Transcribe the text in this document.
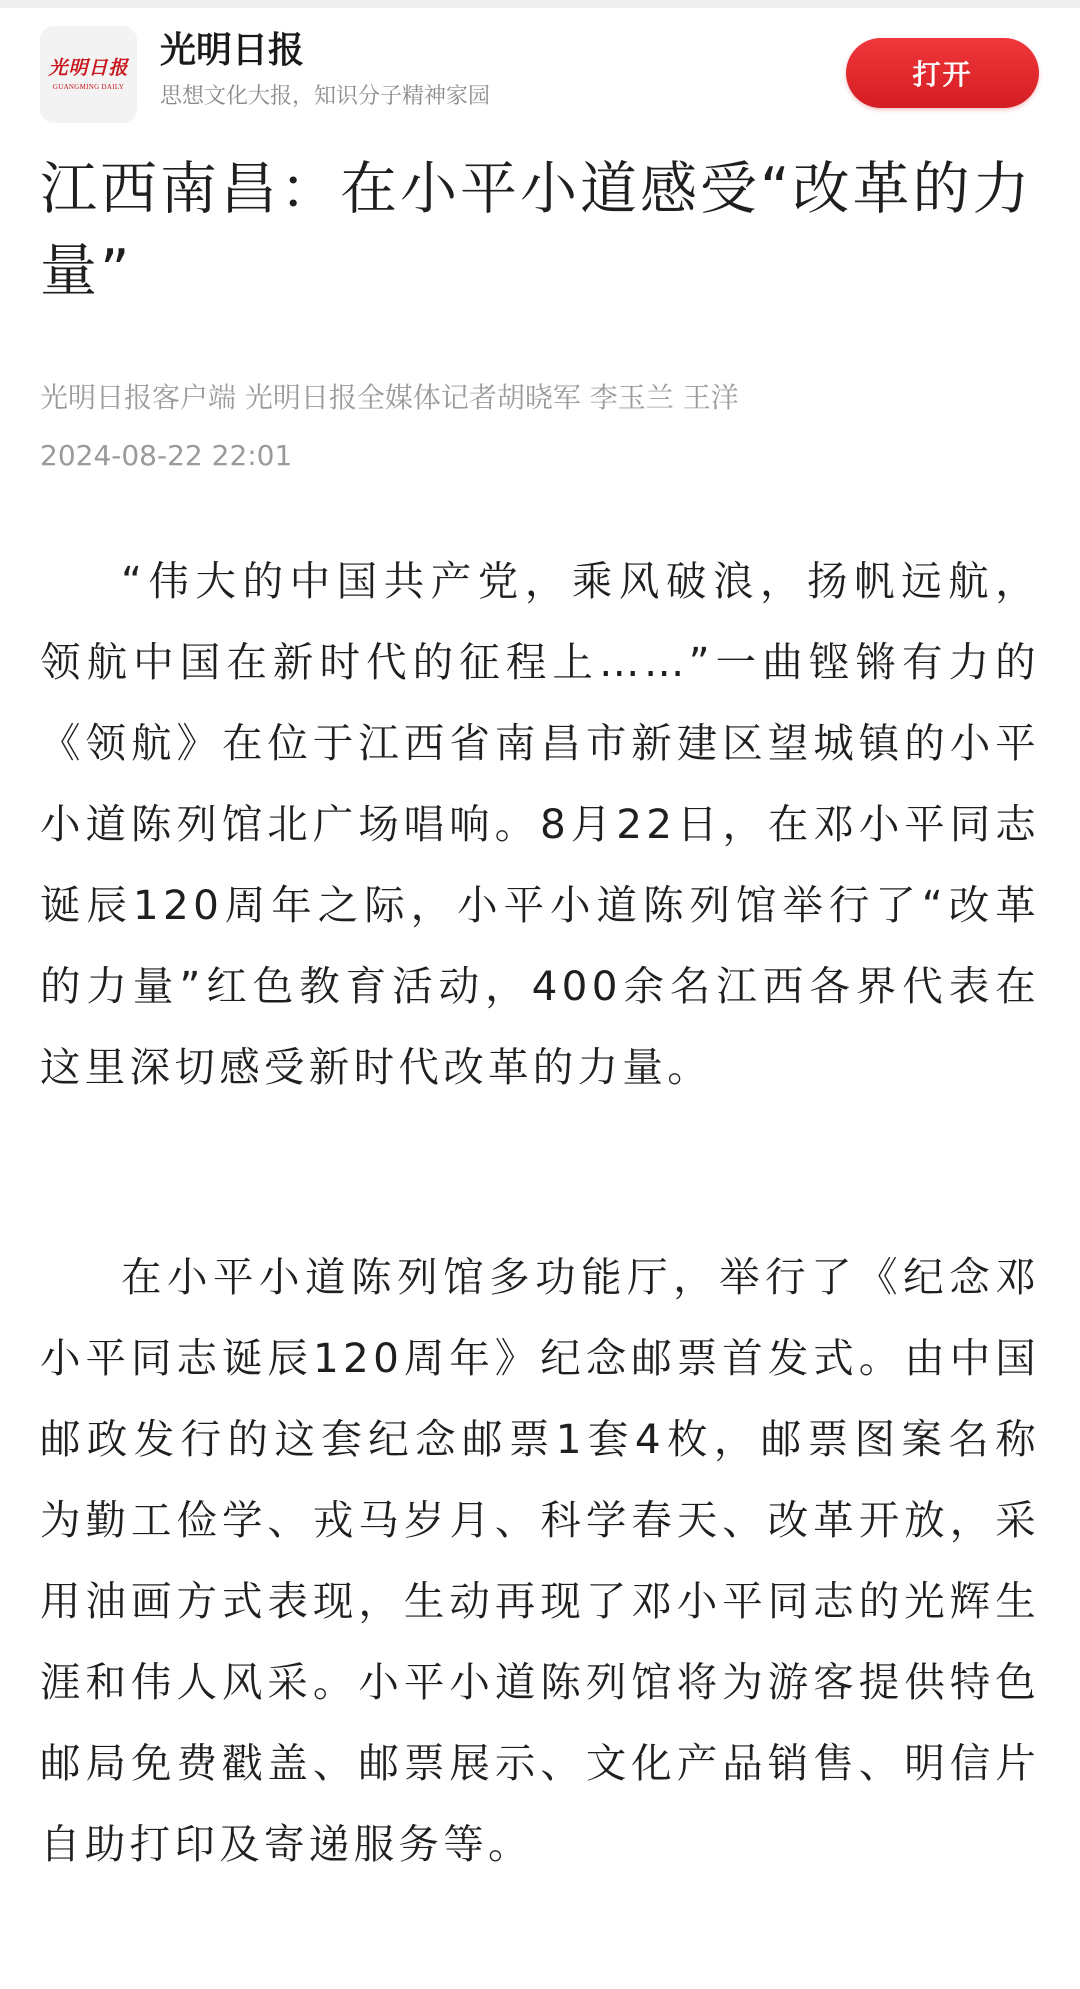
光明日报
GUANGMING DAILY
光明日报
思想文化大报，知识分子精神家园
打开
江西南昌：在小平小道感受“改革的力量”
光明日报客户端 光明日报全媒体记者胡晓军 李玉兰 王洋
2024-08-22 22:01

“伟大的中国共产党，乘风破浪，扬帆远航，领航中国在新时代的征程上……”一曲铿锵有力的《领航》在位于江西省南昌市新建区望城镇的小平小道陈列馆北广场唱响。8月22日，在邓小平同志诞辰120周年之际，小平小道陈列馆举行了“改革的力量”红色教育活动，400余名江西各界代表在这里深切感受新时代改革的力量。

在小平小道陈列馆多功能厅，举行了《纪念邓小平同志诞辰120周年》纪念邮票首发式。由中国邮政发行的这套纪念邮票1套4枚，邮票图案名称为勤工俭学、戎马岁月、科学春天、改革开放，采用油画方式表现，生动再现了邓小平同志的光辉生涯和伟人风采。小平小道陈列馆将为游客提供特色邮局免费戳盖、邮票展示、文化产品销售、明信片自助打印及寄递服务等。
